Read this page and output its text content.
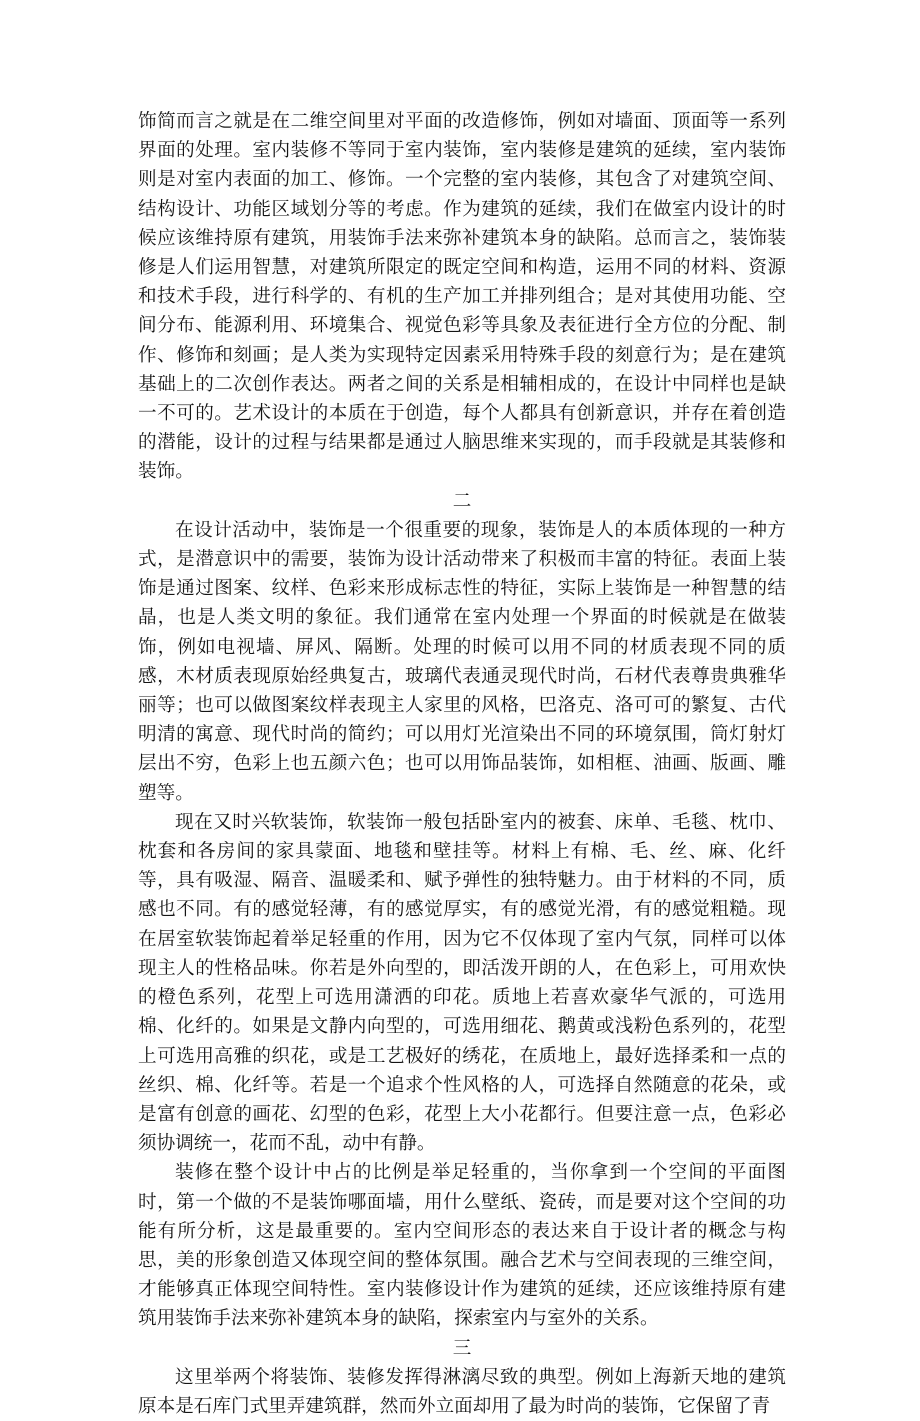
饰简而言之就是在二维空间里对平面的改造修饰，例如对墙面、顶面等一系列界面的处理。室内装修不等同于室内装饰，室内装修是建筑的延续，室内装饰则是对室内表面的加工、修饰。一个完整的室内装修，其包含了对建筑空间、结构设计、功能区域划分等的考虑。作为建筑的延续，我们在做室内设计的时候应该维持原有建筑，用装饰手法来弥补建筑本身的缺陷。总而言之，装饰装修是人们运用智慧，对建筑所限定的既定空间和构造，运用不同的材料、资源和技术手段，进行科学的、有机的生产加工并排列组合；是对其使用功能、空间分布、能源利用、环境集合、视觉色彩等具象及表征进行全方位的分配、制作、修饰和刻画；是人类为实现特定因素采用特殊手段的刻意行为；是在建筑基础上的二次创作表达。两者之间的关系是相辅相成的，在设计中同样也是缺一不可的。艺术设计的本质在于创造，每个人都具有创新意识，并存在着创造的潜能，设计的过程与结果都是通过人脑思维来实现的，而手段就是其装修和装饰。

二

在设计活动中，装饰是一个很重要的现象，装饰是人的本质体现的一种方式，是潜意识中的需要，装饰为设计活动带来了积极而丰富的特征。表面上装饰是通过图案、纹样、色彩来形成标志性的特征，实际上装饰是一种智慧的结晶，也是人类文明的象征。我们通常在室内处理一个界面的时候就是在做装饰，例如电视墙、屏风、隔断。处理的时候可以用不同的材质表现不同的质感，木材质表现原始经典复古，玻璃代表通灵现代时尚，石材代表尊贵典雅华丽等；也可以做图案纹样表现主人家里的风格，巴洛克、洛可可的繁复、古代明清的寓意、现代时尚的简约；可以用灯光渲染出不同的环境氛围，筒灯射灯层出不穷，色彩上也五颜六色；也可以用饰品装饰，如相框、油画、版画、雕塑等。

现在又时兴软装饰，软装饰一般包括卧室内的被套、床单、毛毯、枕巾、枕套和各房间的家具蒙面、地毯和壁挂等。材料上有棉、毛、丝、麻、化纤等，具有吸湿、隔音、温暖柔和、赋予弹性的独特魅力。由于材料的不同，质感也不同。有的感觉轻薄，有的感觉厚实，有的感觉光滑，有的感觉粗糙。现在居室软装饰起着举足轻重的作用，因为它不仅体现了室内气氛，同样可以体现主人的性格品味。你若是外向型的，即活泼开朗的人，在色彩上，可用欢快的橙色系列，花型上可选用潇洒的印花。质地上若喜欢豪华气派的，可选用棉、化纤的。如果是文静内向型的，可选用细花、鹅黄或浅粉色系列的，花型上可选用高雅的织花，或是工艺极好的绣花，在质地上，最好选择柔和一点的丝织、棉、化纤等。若是一个追求个性风格的人，可选择自然随意的花朵，或是富有创意的画花、幻型的色彩，花型上大小花都行。但要注意一点，色彩必须协调统一，花而不乱，动中有静。

装修在整个设计中占的比例是举足轻重的，当你拿到一个空间的平面图时，第一个做的不是装饰哪面墙，用什么壁纸、瓷砖，而是要对这个空间的功能有所分析，这是最重要的。室内空间形态的表达来自于设计者的概念与构思，美的形象创造又体现空间的整体氛围。融合艺术与空间表现的三维空间，才能够真正体现空间特性。室内装修设计作为建筑的延续，还应该维持原有建筑用装饰手法来弥补建筑本身的缺陷，探索室内与室外的关系。

三

这里举两个将装饰、装修发挥得淋漓尽致的典型。例如上海新天地的建筑原本是石库门式里弄建筑群，然而外立面却用了最为时尚的装饰，它保留了青
